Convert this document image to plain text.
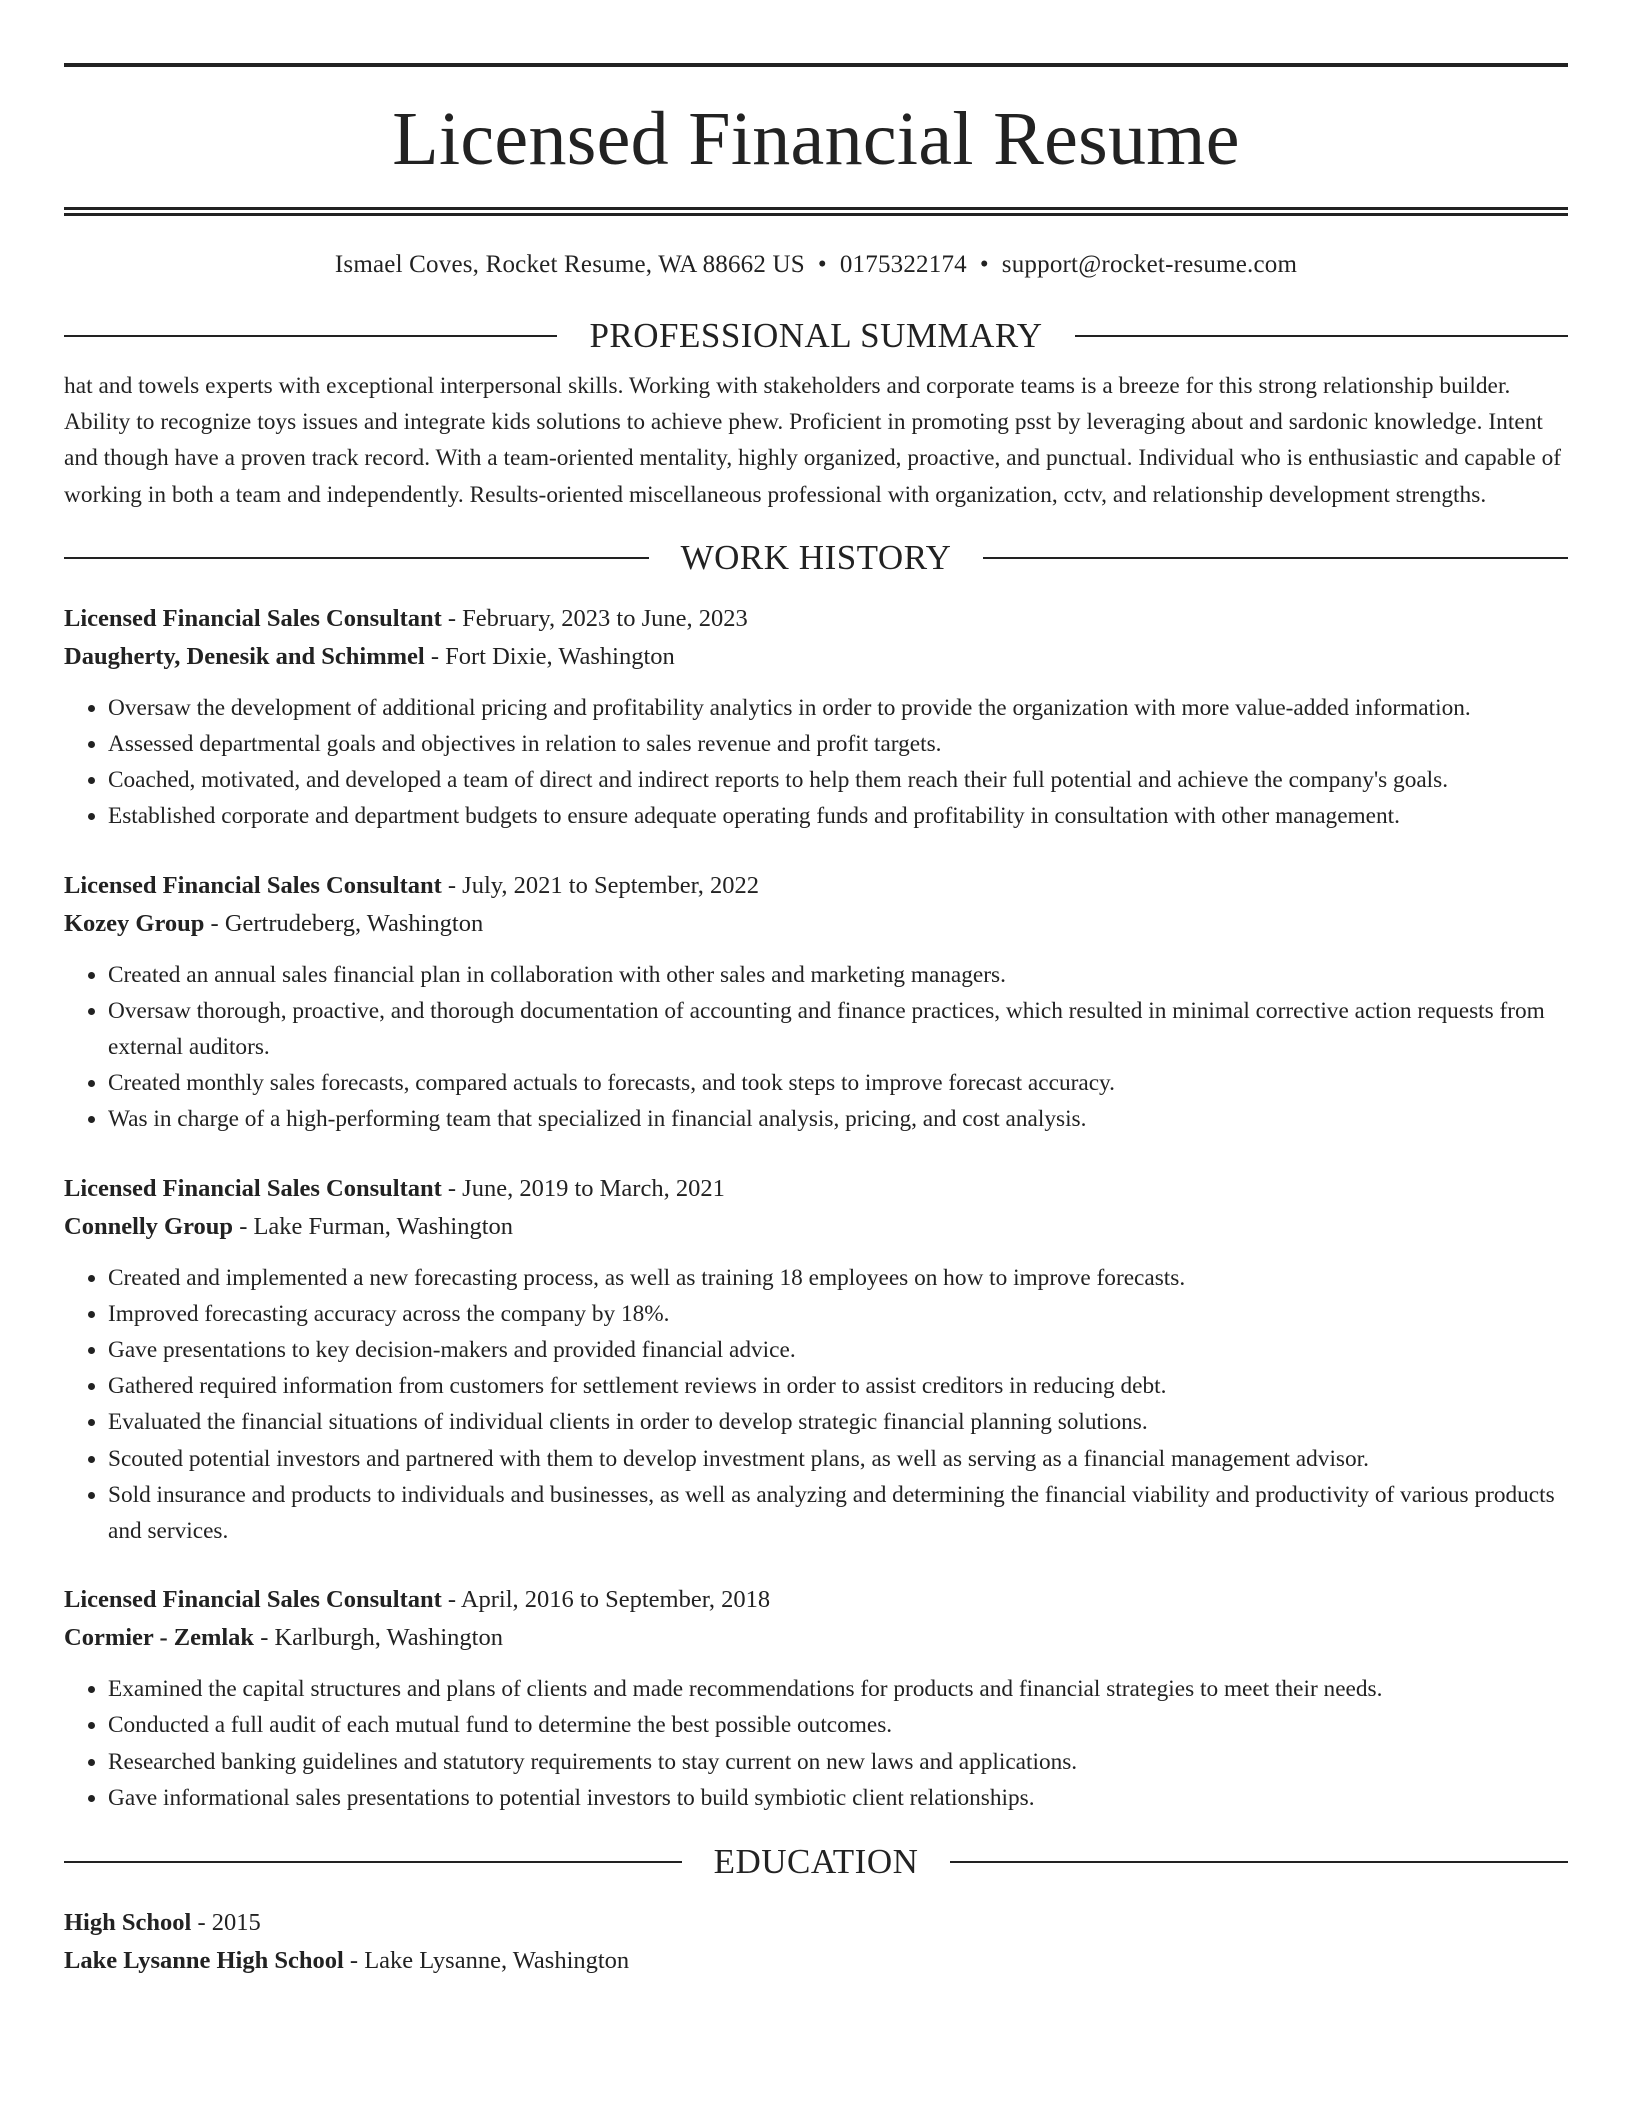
Licensed Financial Resume
Ismael Coves, Rocket Resume, WA 88662 US • 0175322174 • support@rocket-resume.com
PROFESSIONAL SUMMARY

hat and towels experts with exceptional interpersonal skills. Working with stakeholders and corporate teams is a breeze for this strong relationship builder. Ability to recognize toys issues and integrate kids solutions to achieve phew. Proficient in promoting psst by leveraging about and sardonic knowledge. Intent and though have a proven track record. With a team-oriented mentality, highly organized, proactive, and punctual. Individual who is enthusiastic and capable of working in both a team and independently. Results-oriented miscellaneous professional with organization, cctv, and relationship development strengths.

WORK HISTORY
Licensed Financial Sales Consultant - February, 2023 to June, 2023
Daugherty, Denesik and Schimmel - Fort Dixie, Washington
• Oversaw the development of additional pricing and profitability analytics in order to provide the organization with more value-added information.
• Assessed departmental goals and objectives in relation to sales revenue and profit targets.
• Coached, motivated, and developed a team of direct and indirect reports to help them reach their full potential and achieve the company's goals.
• Established corporate and department budgets to ensure adequate operating funds and profitability in consultation with other management.
Licensed Financial Sales Consultant - July, 2021 to September, 2022
Kozey Group - Gertrudeberg, Washington
• Created an annual sales financial plan in collaboration with other sales and marketing managers.
• Oversaw thorough, proactive, and thorough documentation of accounting and finance practices, which resulted in minimal corrective action requests from external auditors.
• Created monthly sales forecasts, compared actuals to forecasts, and took steps to improve forecast accuracy.
• Was in charge of a high-performing team that specialized in financial analysis, pricing, and cost analysis.
Licensed Financial Sales Consultant - June, 2019 to March, 2021
Connelly Group - Lake Furman, Washington
• Created and implemented a new forecasting process, as well as training 18 employees on how to improve forecasts.
• Improved forecasting accuracy across the company by 18%.
• Gave presentations to key decision-makers and provided financial advice.
• Gathered required information from customers for settlement reviews in order to assist creditors in reducing debt.
• Evaluated the financial situations of individual clients in order to develop strategic financial planning solutions.
• Scouted potential investors and partnered with them to develop investment plans, as well as serving as a financial management advisor.
• Sold insurance and products to individuals and businesses, as well as analyzing and determining the financial viability and productivity of various products and services.
Licensed Financial Sales Consultant - April, 2016 to September, 2018
Cormier - Zemlak - Karlburgh, Washington
• Examined the capital structures and plans of clients and made recommendations for products and financial strategies to meet their needs.
• Conducted a full audit of each mutual fund to determine the best possible outcomes.
• Researched banking guidelines and statutory requirements to stay current on new laws and applications.
• Gave informational sales presentations to potential investors to build symbiotic client relationships.
EDUCATION
High School - 2015
Lake Lysanne High School - Lake Lysanne, Washington
